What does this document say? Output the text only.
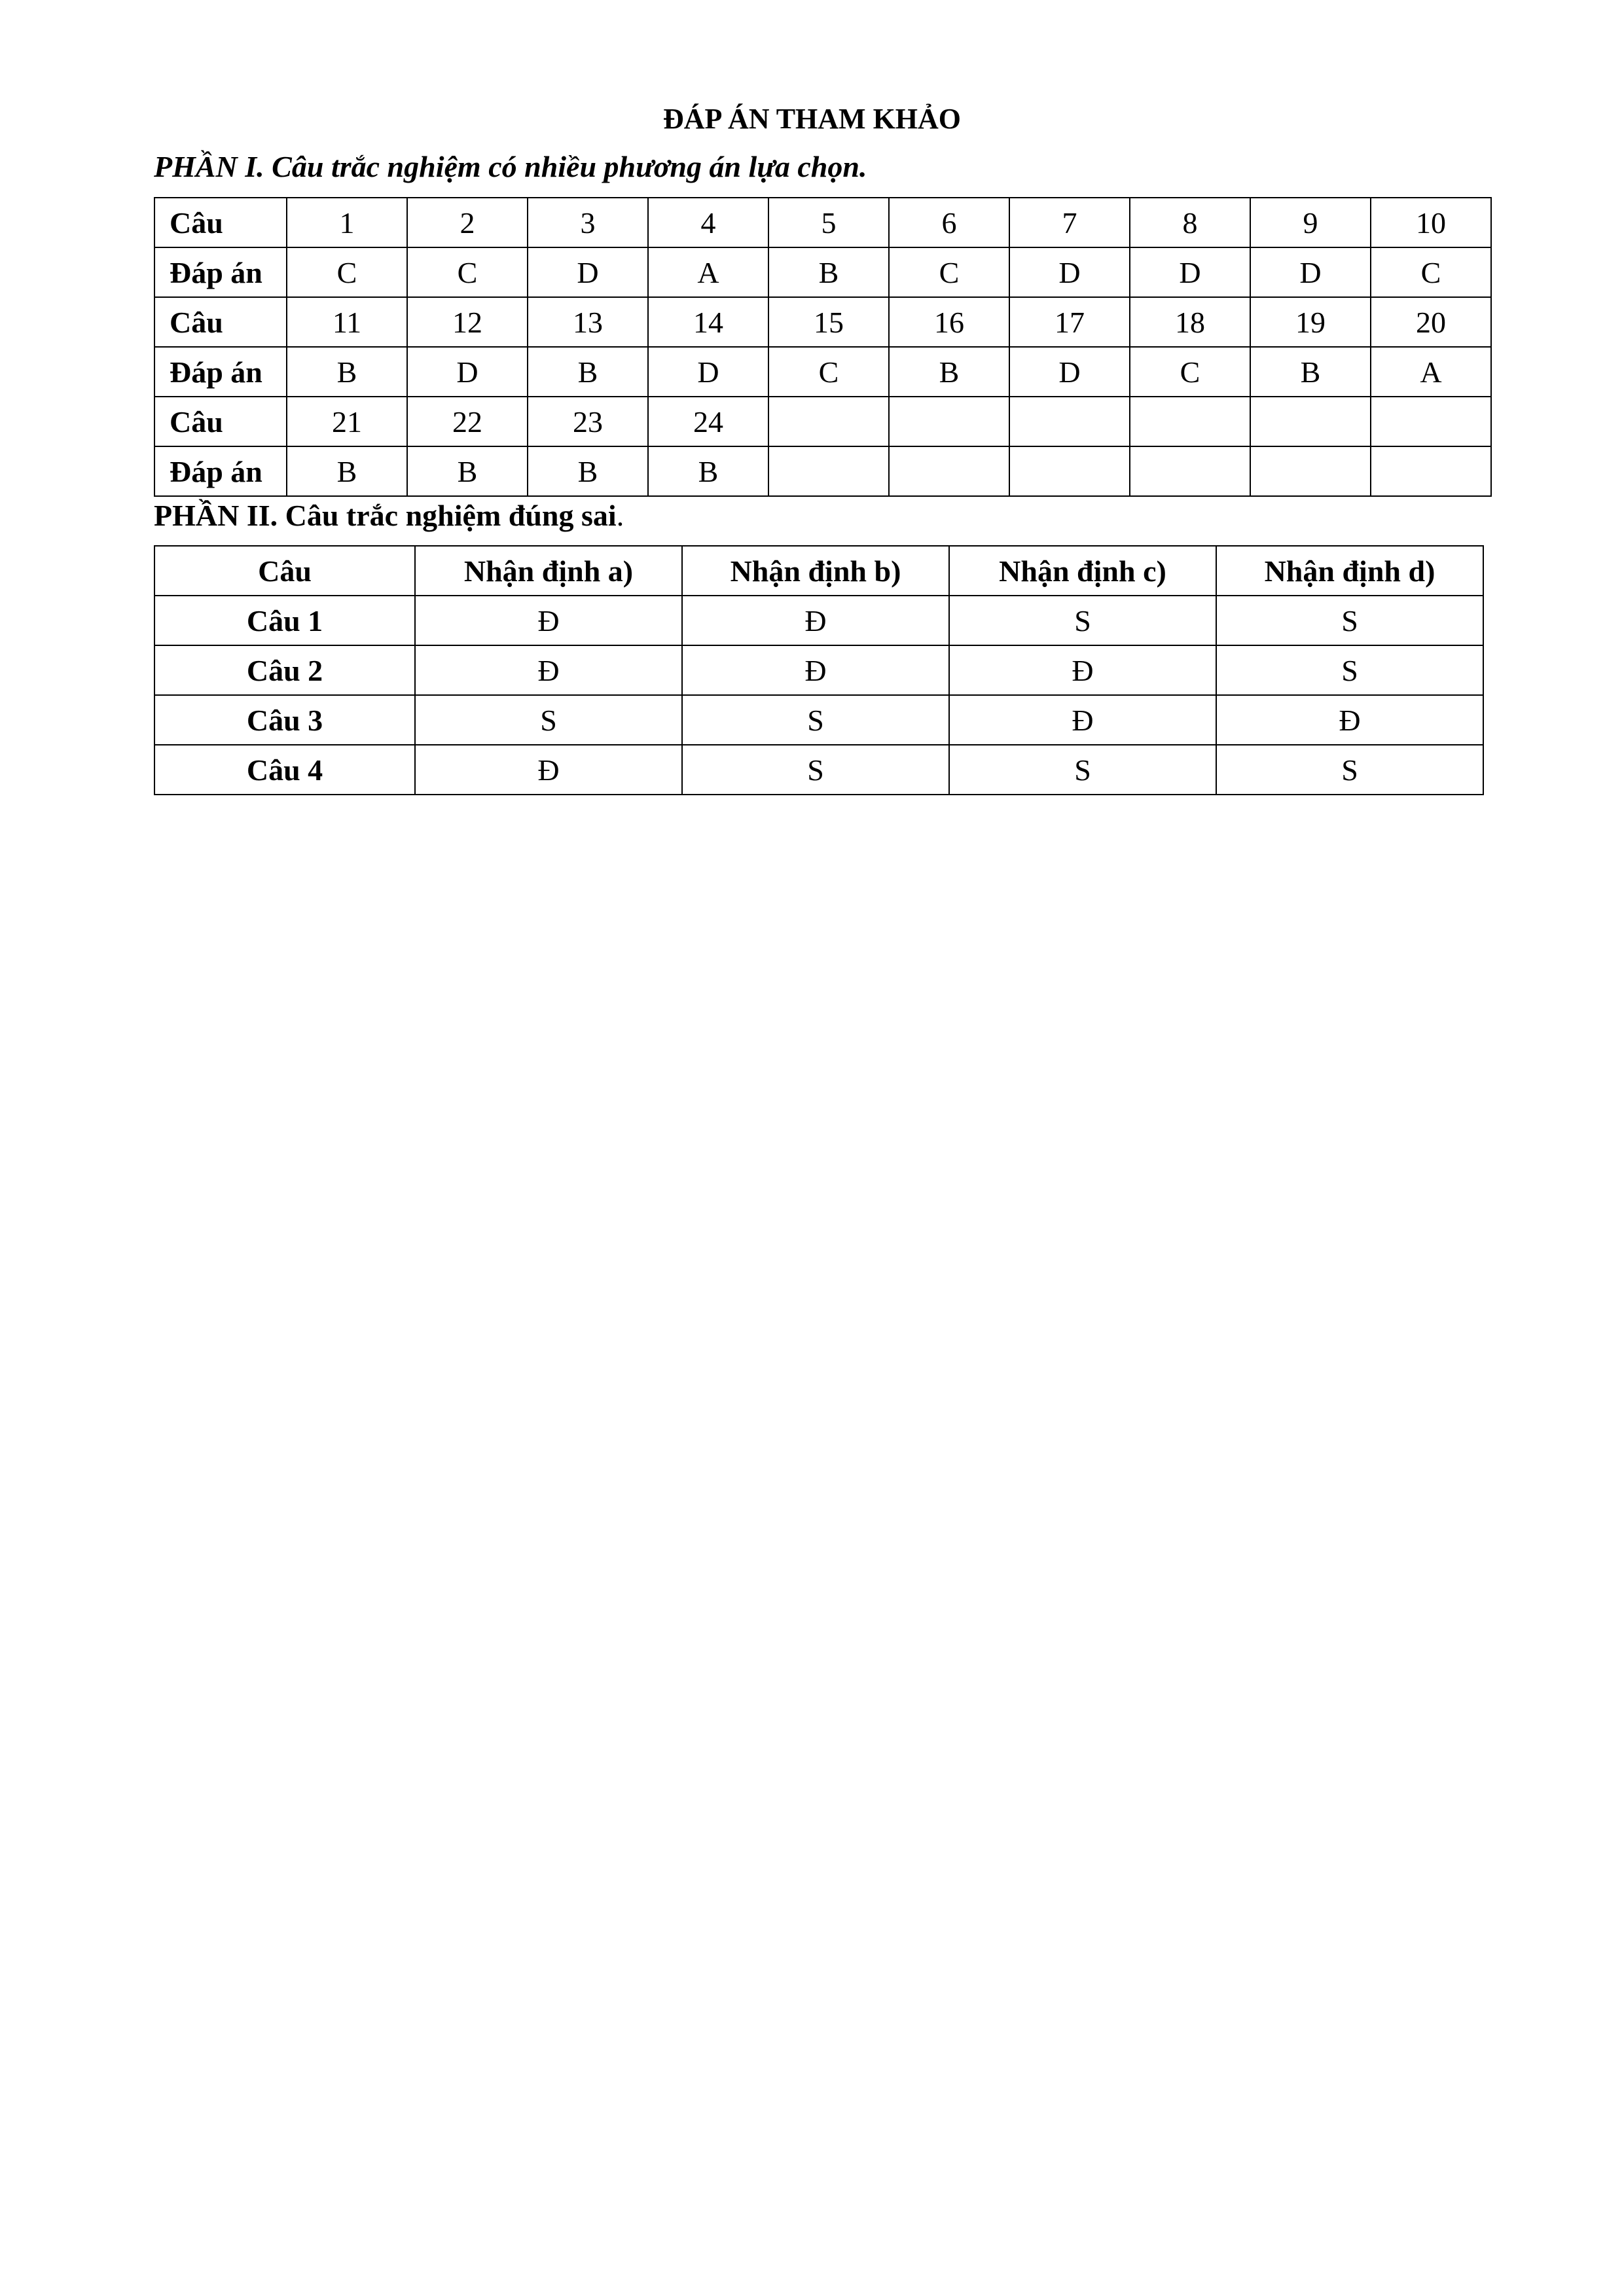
ĐÁP ÁN THAM KHẢO
PHẦN I. Câu trắc nghiệm có nhiều phương án lựa chọn.
Câu	1	2	3	4	5	6	7	8	9	10
Đáp án	C	C	D	A	B	C	D	D	D	C
Câu	11	12	13	14	15	16	17	18	19	20
Đáp án	B	D	B	D	C	B	D	C	B	A
Câu	21	22	23	24						
Đáp án	B	B	B	B						
PHẦN II. Câu trắc nghiệm đúng sai.
Câu	Nhận định a)	Nhận định b)	Nhận định c)	Nhận định d)
Câu 1	Đ	Đ	S	S
Câu 2	Đ	Đ	Đ	S
Câu 3	S	S	Đ	Đ
Câu 4	Đ	S	S	S
